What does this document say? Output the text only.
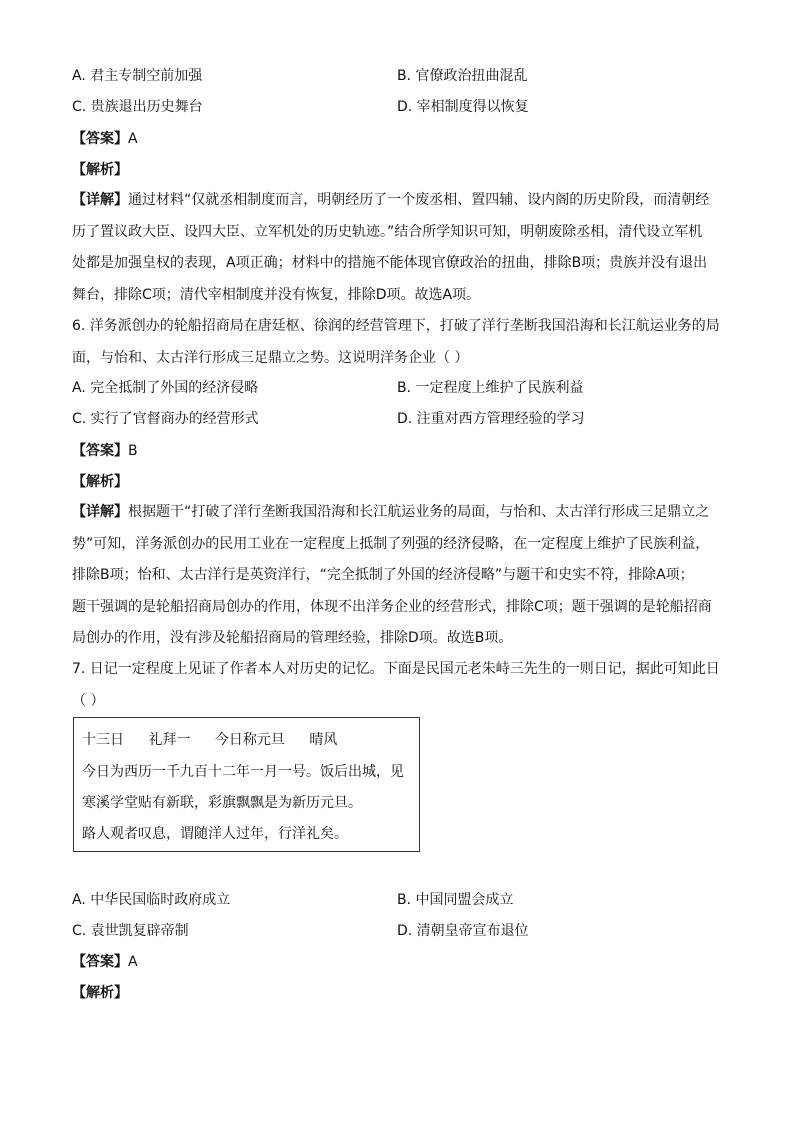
A. 君主专制空前加强	B. 官僚政治扭曲混乱
C. 贵族退出历史舞台	D. 宰相制度得以恢复
【答案】A
【解析】
【详解】通过材料“仅就丞相制度而言，明朝经历了一个废丞相、置四辅、设内阁的历史阶段，而清朝经
历了置议政大臣、设四大臣、立军机处的历史轨迹。”结合所学知识可知，明朝废除丞相，清代设立军机
处都是加强皇权的表现，A项正确；材料中的措施不能体现官僚政治的扭曲，排除B项；贵族并没有退出
舞台，排除C项；清代宰相制度并没有恢复，排除D项。故选A项。
6. 洋务派创办的轮船招商局在唐廷枢、徐润的经营管理下，打破了洋行垄断我国沿海和长江航运业务的局
面，与怡和、太古洋行形成三足鼎立之势。这说明洋务企业（ ）
A. 完全抵制了外国的经济侵略	B. 一定程度上维护了民族利益
C. 实行了官督商办的经营形式	D. 注重对西方管理经验的学习
【答案】B
【解析】
【详解】根据题干“打破了洋行垄断我国沿海和长江航运业务的局面，与怡和、太古洋行形成三足鼎立之
势”可知，洋务派创办的民用工业在一定程度上抵制了列强的经济侵略，在一定程度上维护了民族利益，
排除B项；怡和、太古洋行是英资洋行，“完全抵制了外国的经济侵略”与题干和史实不符，排除A项；
题干强调的是轮船招商局创办的作用，体现不出洋务企业的经营形式，排除C项；题干强调的是轮船招商
局创办的作用，没有涉及轮船招商局的管理经验，排除D项。故选B项。
7. 日记一定程度上见证了作者本人对历史的记忆。下面是民国元老朱峙三先生的一则日记，据此可知此日
（ ）
十三日 礼拜一 今日称元旦 晴风
今日为西历一千九百十二年一月一号。饭后出城，见
寒溪学堂贴有新联，彩旗飘飘是为新历元旦。
路人观者叹息，谓随洋人过年，行洋礼矣。
A. 中华民国临时政府成立	B. 中国同盟会成立
C. 袁世凯复辟帝制	D. 清朝皇帝宣布退位
【答案】A
【解析】
